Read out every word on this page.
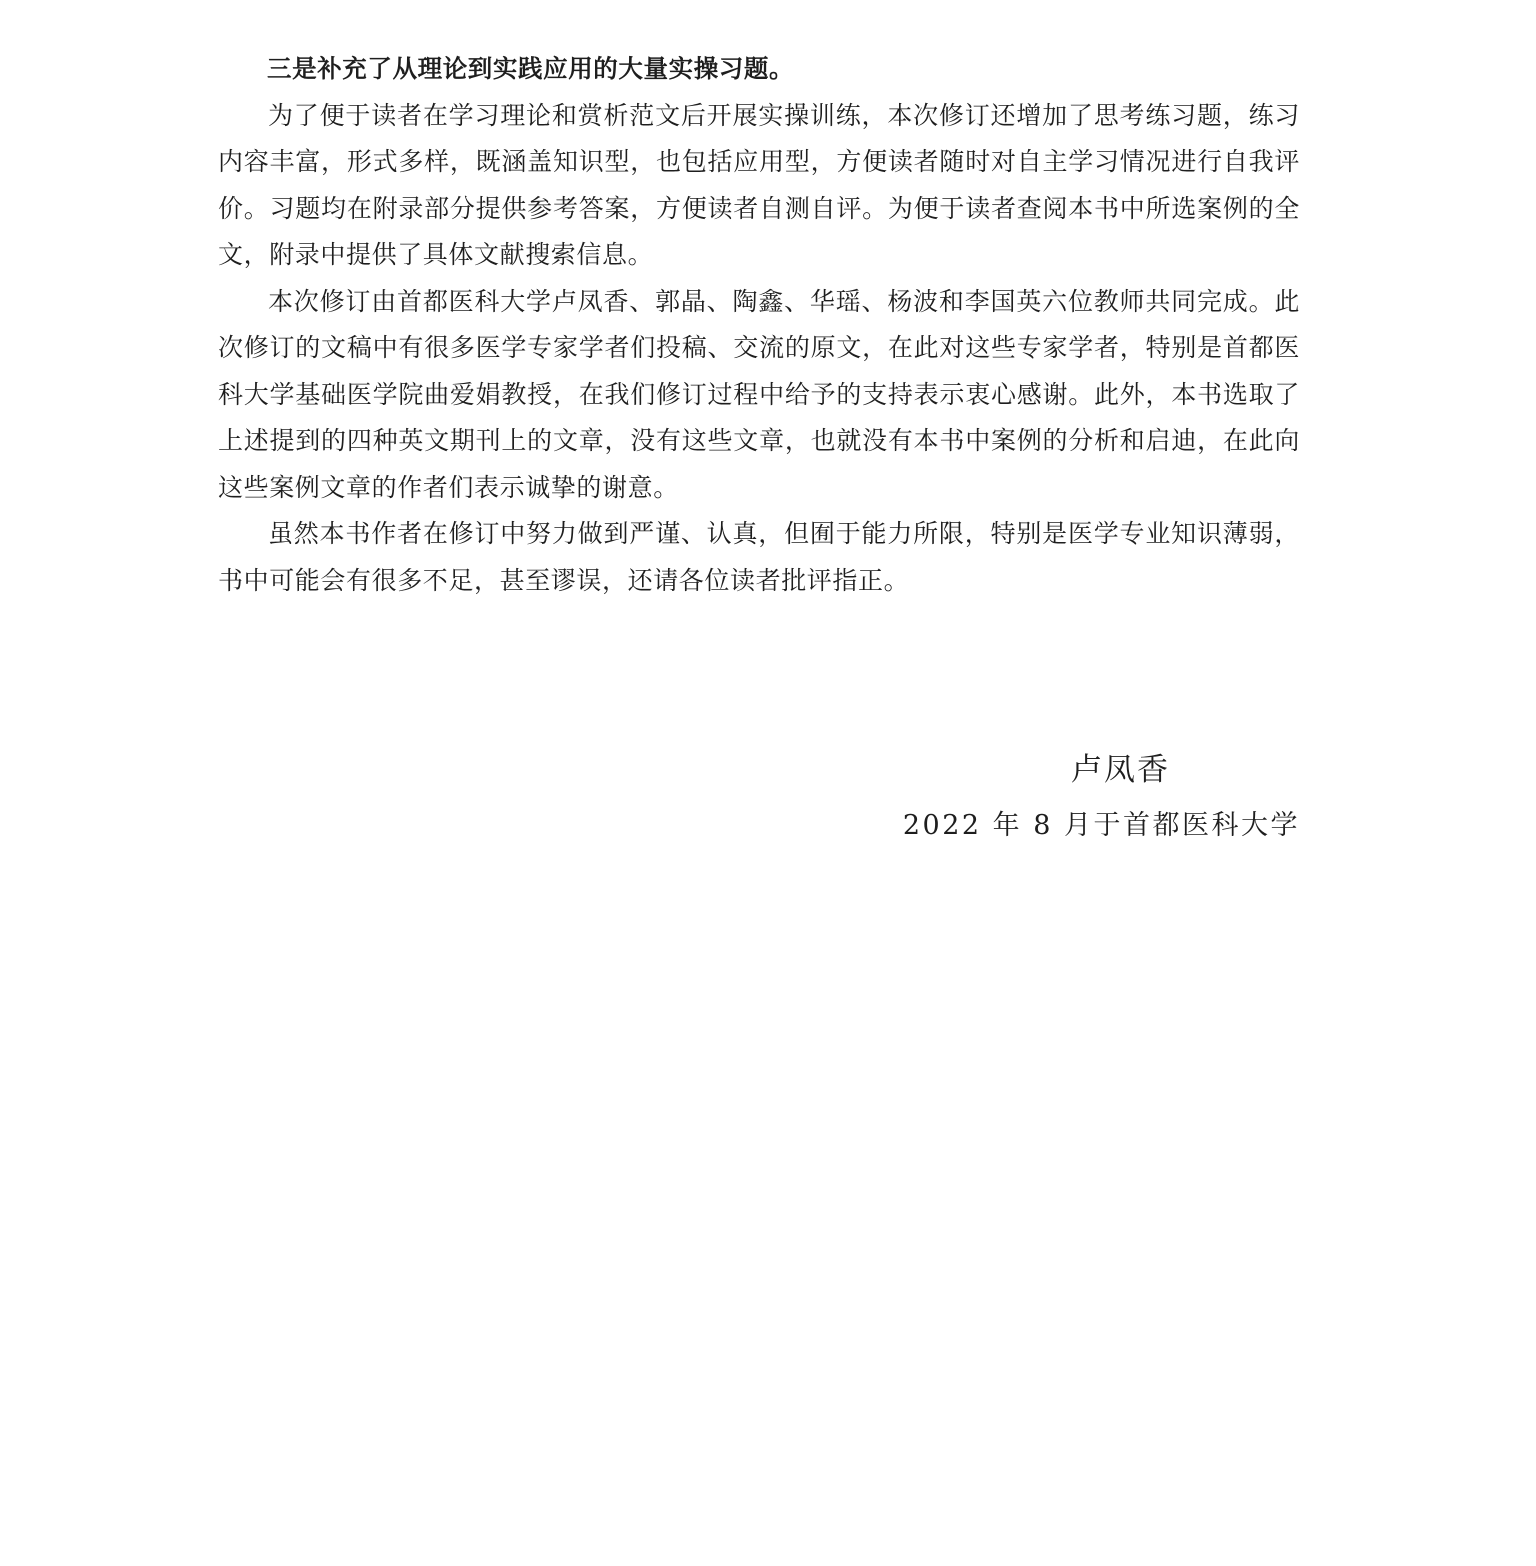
三是补充了从理论到实践应用的大量实操习题。

为了便于读者在学习理论和赏析范文后开展实操训练，本次修订还增加了思考练习题，练习内容丰富，形式多样，既涵盖知识型，也包括应用型，方便读者随时对自主学习情况进行自我评价。习题均在附录部分提供参考答案，方便读者自测自评。为便于读者查阅本书中所选案例的全文，附录中提供了具体文献搜索信息。

本次修订由首都医科大学卢凤香、郭晶、陶鑫、华瑶、杨波和李国英六位教师共同完成。此次修订的文稿中有很多医学专家学者们投稿、交流的原文，在此对这些专家学者，特别是首都医科大学基础医学院曲爱娟教授，在我们修订过程中给予的支持表示衷心感谢。此外，本书选取了上述提到的四种英文期刊上的文章，没有这些文章，也就没有本书中案例的分析和启迪，在此向这些案例文章的作者们表示诚挚的谢意。

虽然本书作者在修订中努力做到严谨、认真，但囿于能力所限，特别是医学专业知识薄弱，书中可能会有很多不足，甚至谬误，还请各位读者批评指正。

卢凤香
2022 年 8 月于首都医科大学
